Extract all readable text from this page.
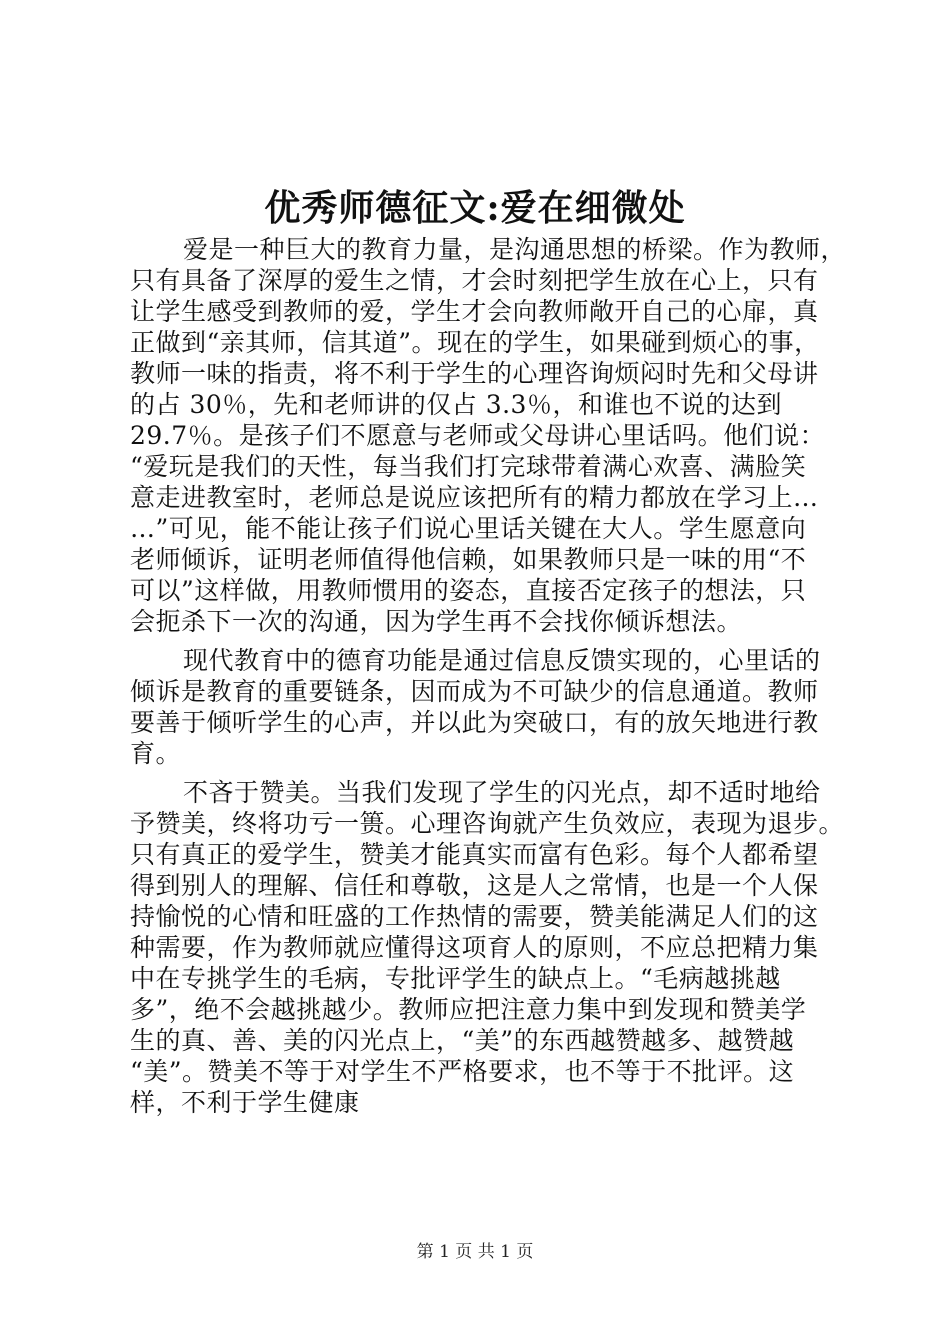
优秀师德征文:爱在细微处
爱是一种巨大的教育力量，是沟通思想的桥梁。作为教师，
只有具备了深厚的爱生之情，才会时刻把学生放在心上，只有
让学生感受到教师的爱，学生才会向教师敞开自己的心扉，真
正做到“亲其师，信其道”。现在的学生，如果碰到烦心的事，
教师一味的指责，将不利于学生的心理咨询烦闷时先和父母讲
的占 30％，先和老师讲的仅占 3.3％，和谁也不说的达到
29.7％。是孩子们不愿意与老师或父母讲心里话吗。他们说：
“爱玩是我们的天性，每当我们打完球带着满心欢喜、满脸笑
意走进教室时，老师总是说应该把所有的精力都放在学习上…
…”可见，能不能让孩子们说心里话关键在大人。学生愿意向
老师倾诉，证明老师值得他信赖，如果教师只是一味的用“不
可以”这样做，用教师惯用的姿态，直接否定孩子的想法，只
会扼杀下一次的沟通，因为学生再不会找你倾诉想法。
现代教育中的德育功能是通过信息反馈实现的，心里话的
倾诉是教育的重要链条，因而成为不可缺少的信息通道。教师
要善于倾听学生的心声，并以此为突破口，有的放矢地进行教
育。
不吝于赞美。当我们发现了学生的闪光点，却不适时地给
予赞美，终将功亏一篑。心理咨询就产生负效应，表现为退步。
只有真正的爱学生，赞美才能真实而富有色彩。每个人都希望
得到别人的理解、信任和尊敬，这是人之常情，也是一个人保
持愉悦的心情和旺盛的工作热情的需要，赞美能满足人们的这
种需要，作为教师就应懂得这项育人的原则，不应总把精力集
中在专挑学生的毛病，专批评学生的缺点上。“毛病越挑越
多”，绝不会越挑越少。教师应把注意力集中到发现和赞美学
生的真、善、美的闪光点上，“美”的东西越赞越多、越赞越
“美”。赞美不等于对学生不严格要求，也不等于不批评。这
样，不利于学生健康
第 1 页 共 1 页
